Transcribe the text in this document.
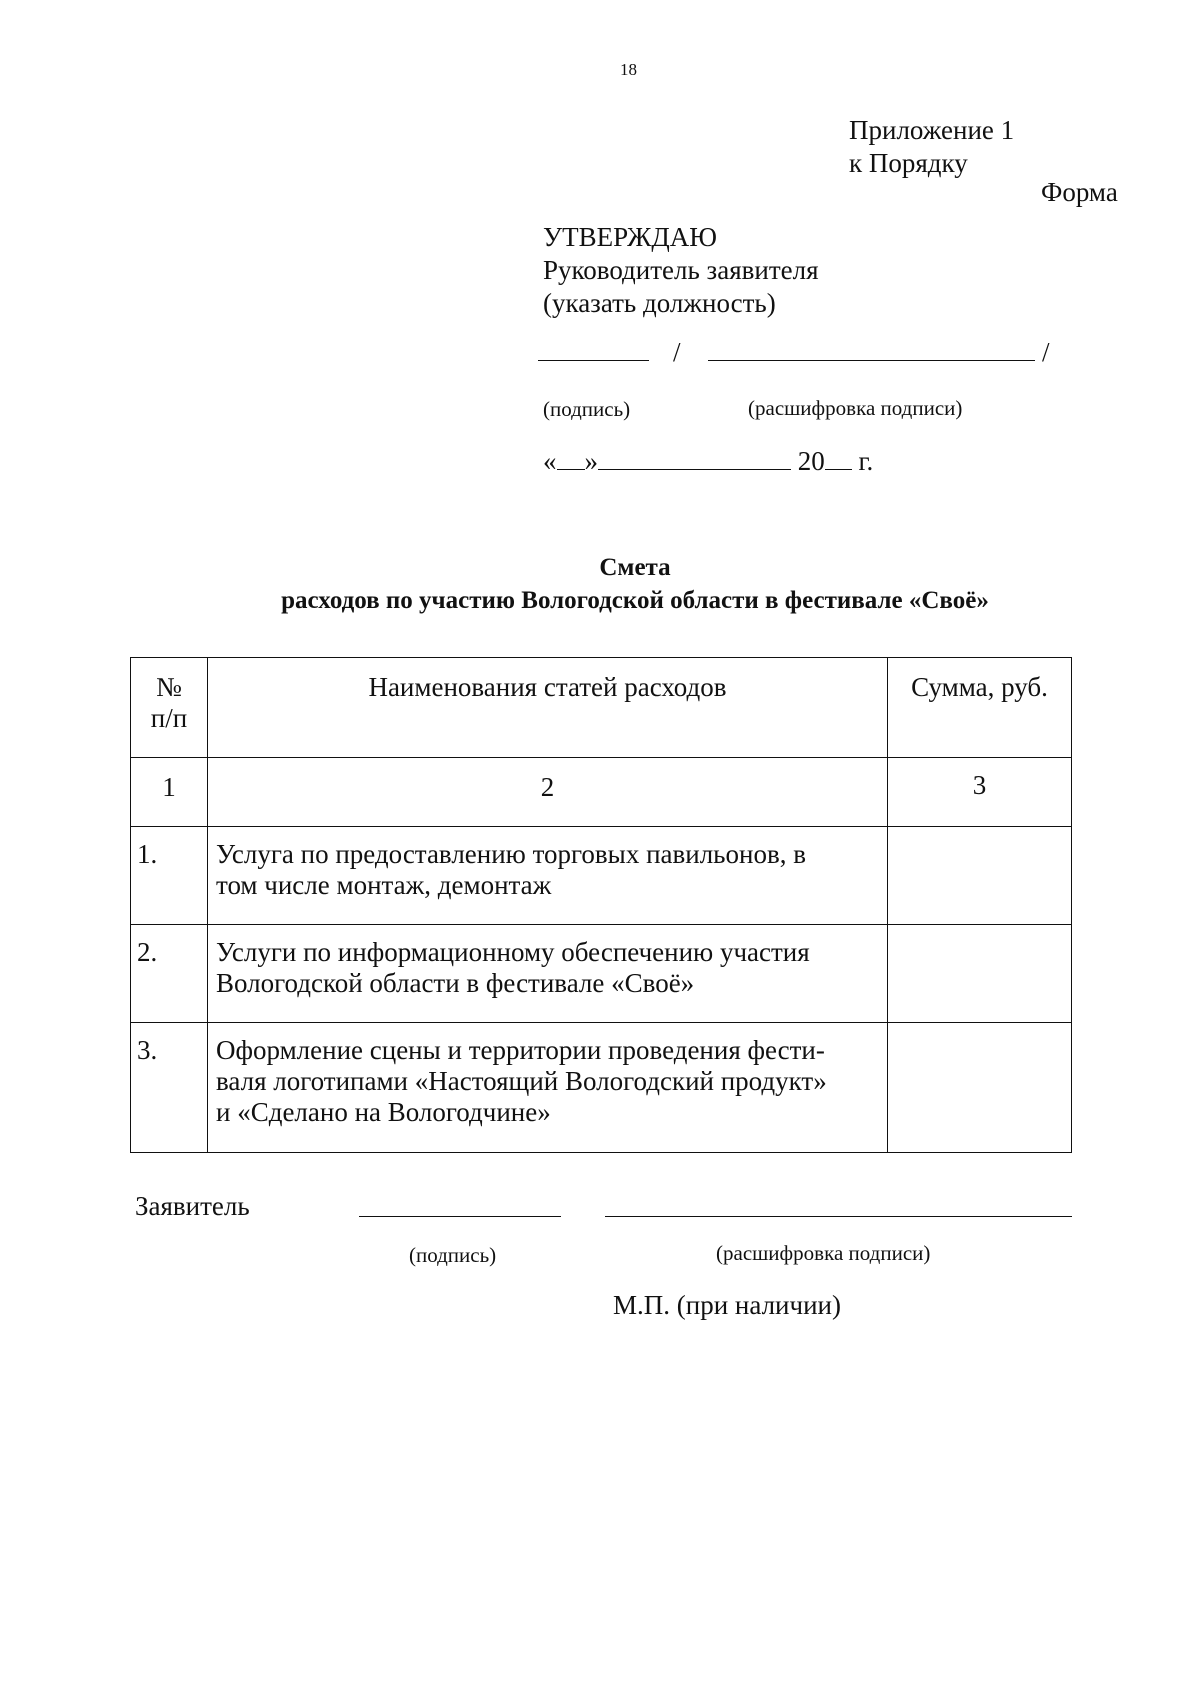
18
Приложение 1
к Порядку
Форма
УТВЕРЖДАЮ
Руководитель заявителя
(указать должность)
/	/
(подпись)	(расшифровка подписи)
« »	20 г.
Смета
расходов по участию Вологодской области в фестивале «Своё»
№
п/п	Наименования статей расходов	Сумма, руб.
1	2	3
1.	Услуга по предоставлению торговых павильонов, в
том числе монтаж, демонтаж	

2.	Услуги по информационному обеспечению участия
Вологодской области в фестивале «Своё»	

3.	Оформление сцены и территории проведения фести-
валя логотипами «Настоящий Вологодский продукт»
и «Сделано на Вологодчине»	

Заявитель
(подпись)	(расшифровка подписи)
М.П. (при наличии)
